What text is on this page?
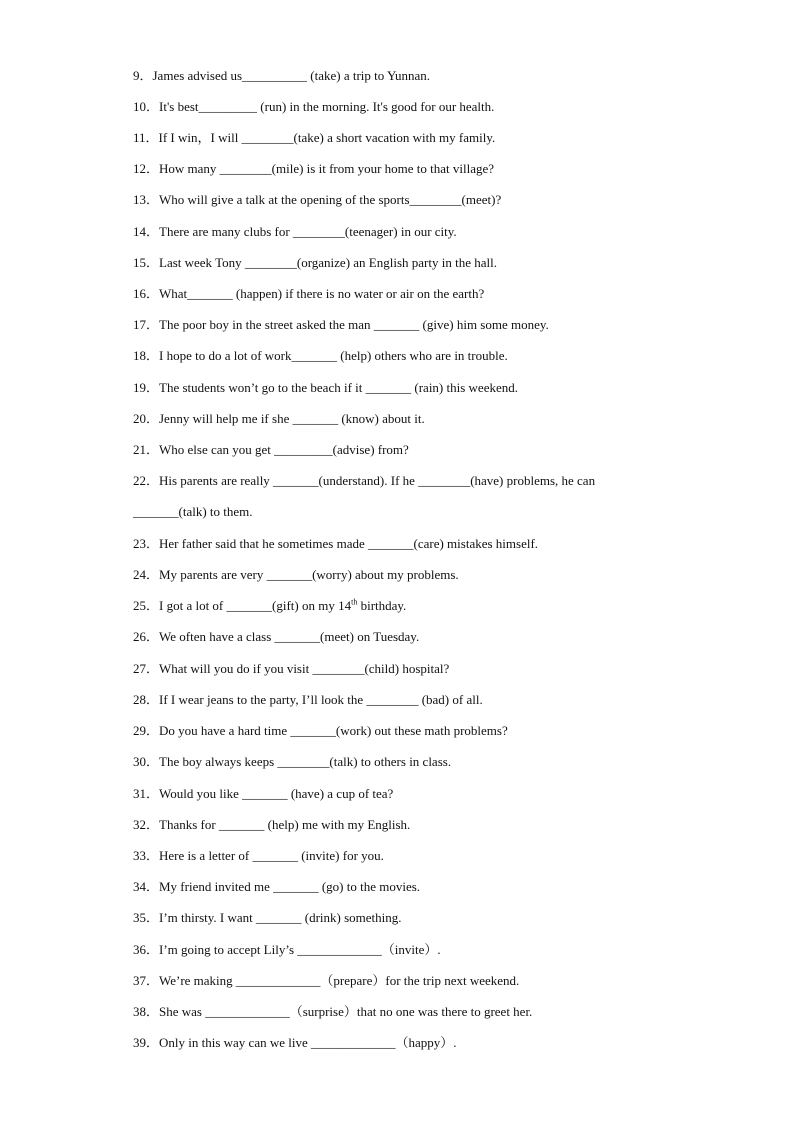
9．James advised us__________ (take) a trip to Yunnan.
10．It's best_________ (run) in the morning. It's good for our health.
11．If I win，I will ________(take) a short vacation with my family.
12．How many ________(mile) is it from your home to that village?
13．Who will give a talk at the opening of the sports________(meet)?
14．There are many clubs for ________(teenager) in our city.
15．Last week Tony ________(organize) an English party in the hall.
16．What_______ (happen) if there is no water or air on the earth?
17．The poor boy in the street asked the man _______ (give) him some money.
18．I hope to do a lot of work_______ (help) others who are in trouble.
19．The students won’t go to the beach if it _______ (rain) this weekend.
20．Jenny will help me if she _______ (know) about it.
21．Who else can you get _________(advise) from?
22．His parents are really _______(understand). If he ________(have) problems, he can
_______(talk) to them.
23．Her father said that he sometimes made _______(care) mistakes himself.
24．My parents are very _______(worry) about my problems.
25．I got a lot of _______(gift) on my 14th birthday.
26．We often have a class _______(meet) on Tuesday.
27．What will you do if you visit ________(child) hospital?
28．If I wear jeans to the party, I’ll look the ________ (bad) of all.
29．Do you have a hard time _______(work) out these math problems?
30．The boy always keeps ________(talk) to others in class.
31．Would you like _______ (have) a cup of tea?
32．Thanks for _______ (help) me with my English.
33．Here is a letter of _______ (invite) for you.
34．My friend invited me _______ (go) to the movies.
35．I’m thirsty. I want _______ (drink) something.
36．I’m going to accept Lily’s _____________（invite）.
37．We’re making _____________（prepare）for the trip next weekend.
38．She was _____________（surprise）that no one was there to greet her.
39．Only in this way can we live _____________（happy）.
